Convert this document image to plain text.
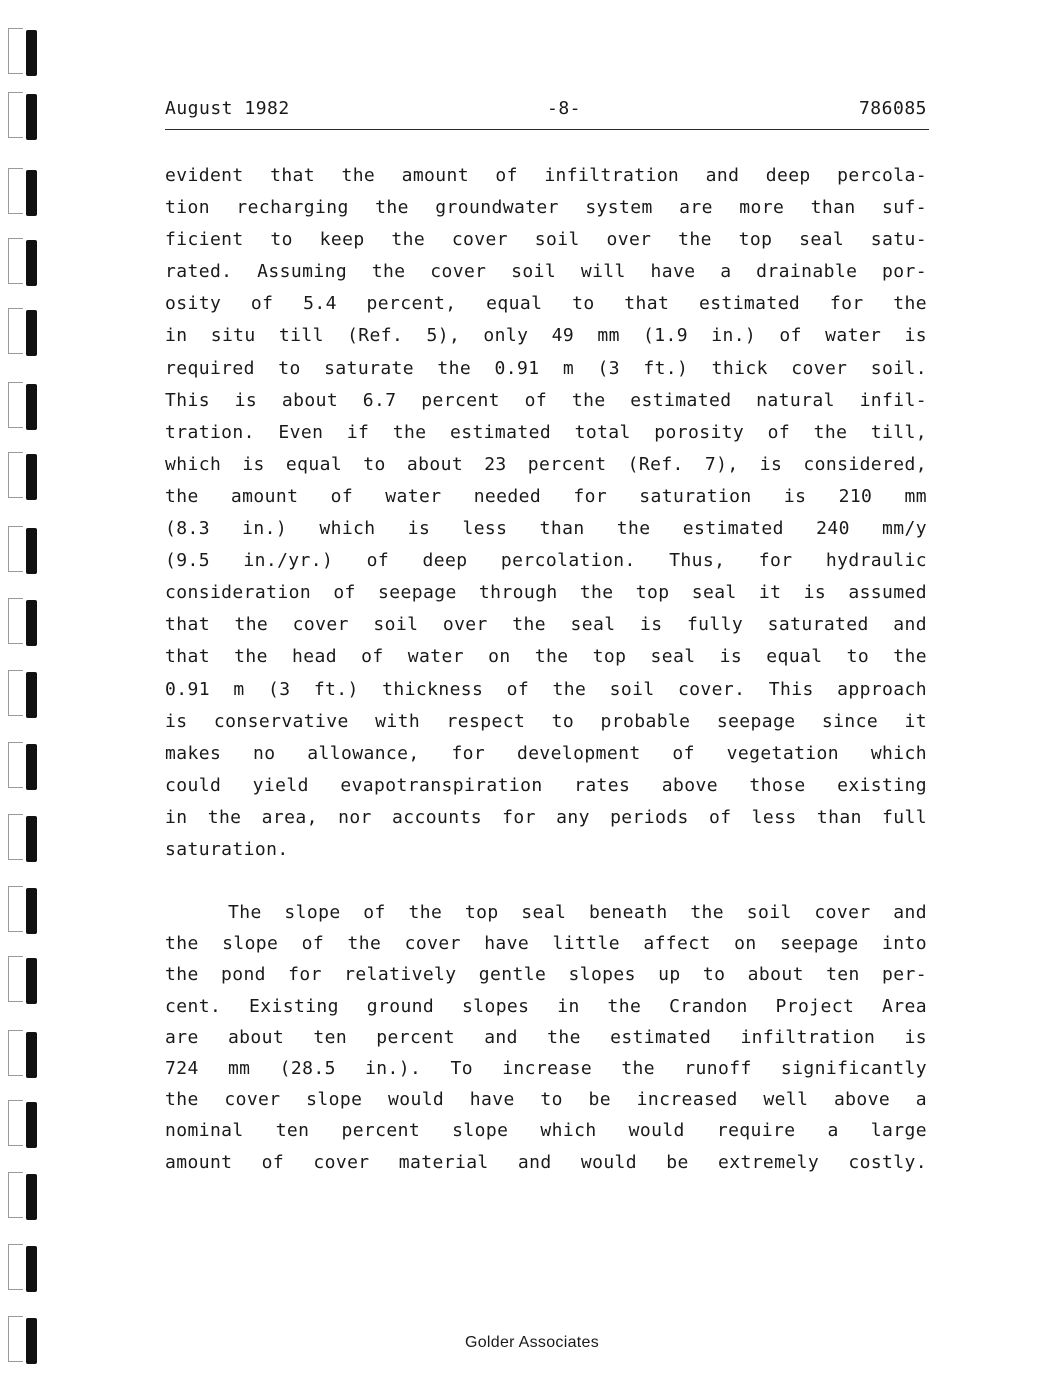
August 1982	-8-	786085
evident that the amount of infiltration and deep percola-
tion recharging the groundwater system are more than suf-
ficient to keep the cover soil over the top seal satu-
rated. Assuming the cover soil will have a drainable por-
osity of 5.4 percent, equal to that estimated for the
in situ till (Ref. 5), only 49 mm (1.9 in.) of water is
required to saturate the 0.91 m (3 ft.) thick cover soil.
This is about 6.7 percent of the estimated natural infil-
tration. Even if the estimated total porosity of the till,
which is equal to about 23 percent (Ref. 7), is considered,
the amount of water needed for saturation is 210 mm
(8.3 in.) which is less than the estimated 240 mm/y
(9.5 in./yr.) of deep percolation. Thus, for hydraulic
consideration of seepage through the top seal it is assumed
that the cover soil over the seal is fully saturated and
that the head of water on the top seal is equal to the
0.91 m (3 ft.) thickness of the soil cover. This approach
is conservative with respect to probable seepage since it
makes no allowance, for development of vegetation which
could yield evapotranspiration rates above those existing
in the area, nor accounts for any periods of less than full
saturation.
The slope of the top seal beneath the soil cover and
the slope of the cover have little affect on seepage into
the pond for relatively gentle slopes up to about ten per-
cent. Existing ground slopes in the Crandon Project Area
are about ten percent and the estimated infiltration is
724 mm (28.5 in.). To increase the runoff significantly
the cover slope would have to be increased well above a
nominal ten percent slope which would require a large
amount of cover material and would be extremely costly.
Golder Associates
